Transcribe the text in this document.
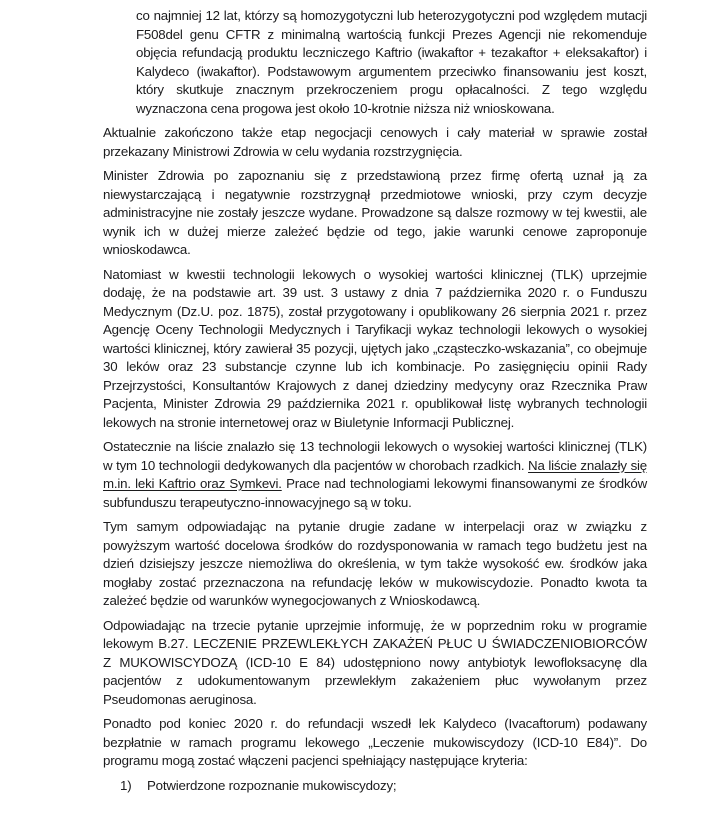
co najmniej 12 lat, którzy są homozygotyczni lub heterozygotyczni pod względem mutacji F508del genu CFTR z minimalną wartością funkcji Prezes Agencji nie rekomenduje objęcia refundacją produktu leczniczego Kaftrio (iwakaftor + tezakaftor + eleksakaftor) i Kalydeco (iwakaftor). Podstawowym argumentem przeciwko finansowaniu jest koszt, który skutkuje znacznym przekroczeniem progu opłacalności. Z tego względu wyznaczona cena progowa jest około 10-krotnie niższa niż wnioskowana.

Aktualnie zakończono także etap negocjacji cenowych i cały materiał w sprawie został przekazany Ministrowi Zdrowia w celu wydania rozstrzygnięcia.

Minister Zdrowia po zapoznaniu się z przedstawioną przez firmę ofertą uznał ją za niewystarczającą i negatywnie rozstrzygnął przedmiotowe wnioski, przy czym decyzje administracyjne nie zostały jeszcze wydane. Prowadzone są dalsze rozmowy w tej kwestii, ale wynik ich w dużej mierze zależeć będzie od tego, jakie warunki cenowe zaproponuje wnioskodawca.

Natomiast w kwestii technologii lekowych o wysokiej wartości klinicznej (TLK) uprzejmie dodaję, że na podstawie art. 39 ust. 3 ustawy z dnia 7 października 2020 r. o Funduszu Medycznym (Dz.U. poz. 1875), został przygotowany i opublikowany 26 sierpnia 2021 r. przez Agencję Oceny Technologii Medycznych i Taryfikacji wykaz technologii lekowych o wysokiej wartości klinicznej, który zawierał 35 pozycji, ujętych jako „cząsteczko-wskazania”, co obejmuje 30 leków oraz 23 substancje czynne lub ich kombinacje. Po zasięgnięciu opinii Rady Przejrzystości, Konsultantów Krajowych z danej dziedziny medycyny oraz Rzecznika Praw Pacjenta, Minister Zdrowia 29 października 2021 r. opublikował listę wybranych technologii lekowych na stronie internetowej oraz w Biuletynie Informacji Publicznej.

Ostatecznie na liście znalazło się 13 technologii lekowych o wysokiej wartości klinicznej (TLK) w tym 10 technologii dedykowanych dla pacjentów w chorobach rzadkich. Na liście znalazły się m.in. leki Kaftrio oraz Symkevi. Prace nad technologiami lekowymi finansowanymi ze środków subfunduszu terapeutyczno-innowacyjnego są w toku.

Tym samym odpowiadając na pytanie drugie zadane w interpelacji oraz w związku z powyższym wartość docelowa środków do rozdysponowania w ramach tego budżetu jest na dzień dzisiejszy jeszcze niemożliwa do określenia, w tym także wysokość ew. środków jaka mogłaby zostać przeznaczona na refundację leków w mukowiscydozie. Ponadto kwota ta zależeć będzie od warunków wynegocjowanych z Wnioskodawcą.

Odpowiadając na trzecie pytanie uprzejmie informuję, że w poprzednim roku w programie lekowym B.27. LECZENIE PRZEWLEKŁYCH ZAKAŻEŃ PŁUC U ŚWIADCZENIOBIORCÓW Z MUKOWISCYDOZĄ (ICD-10 E 84) udostępniono nowy antybiotyk lewofloksacynę dla pacjentów z udokumentowanym przewlekłym zakażeniem płuc wywołanym przez Pseudomonas aeruginosa.

Ponadto pod koniec 2020 r. do refundacji wszedł lek Kalydeco (Ivacaftorum) podawany bezpłatnie w ramach programu lekowego „Leczenie mukowiscydozy (ICD-10 E84)”. Do programu mogą zostać włączeni pacjenci spełniający następujące kryteria:

1)	Potwierdzone rozpoznanie mukowiscydozy;
